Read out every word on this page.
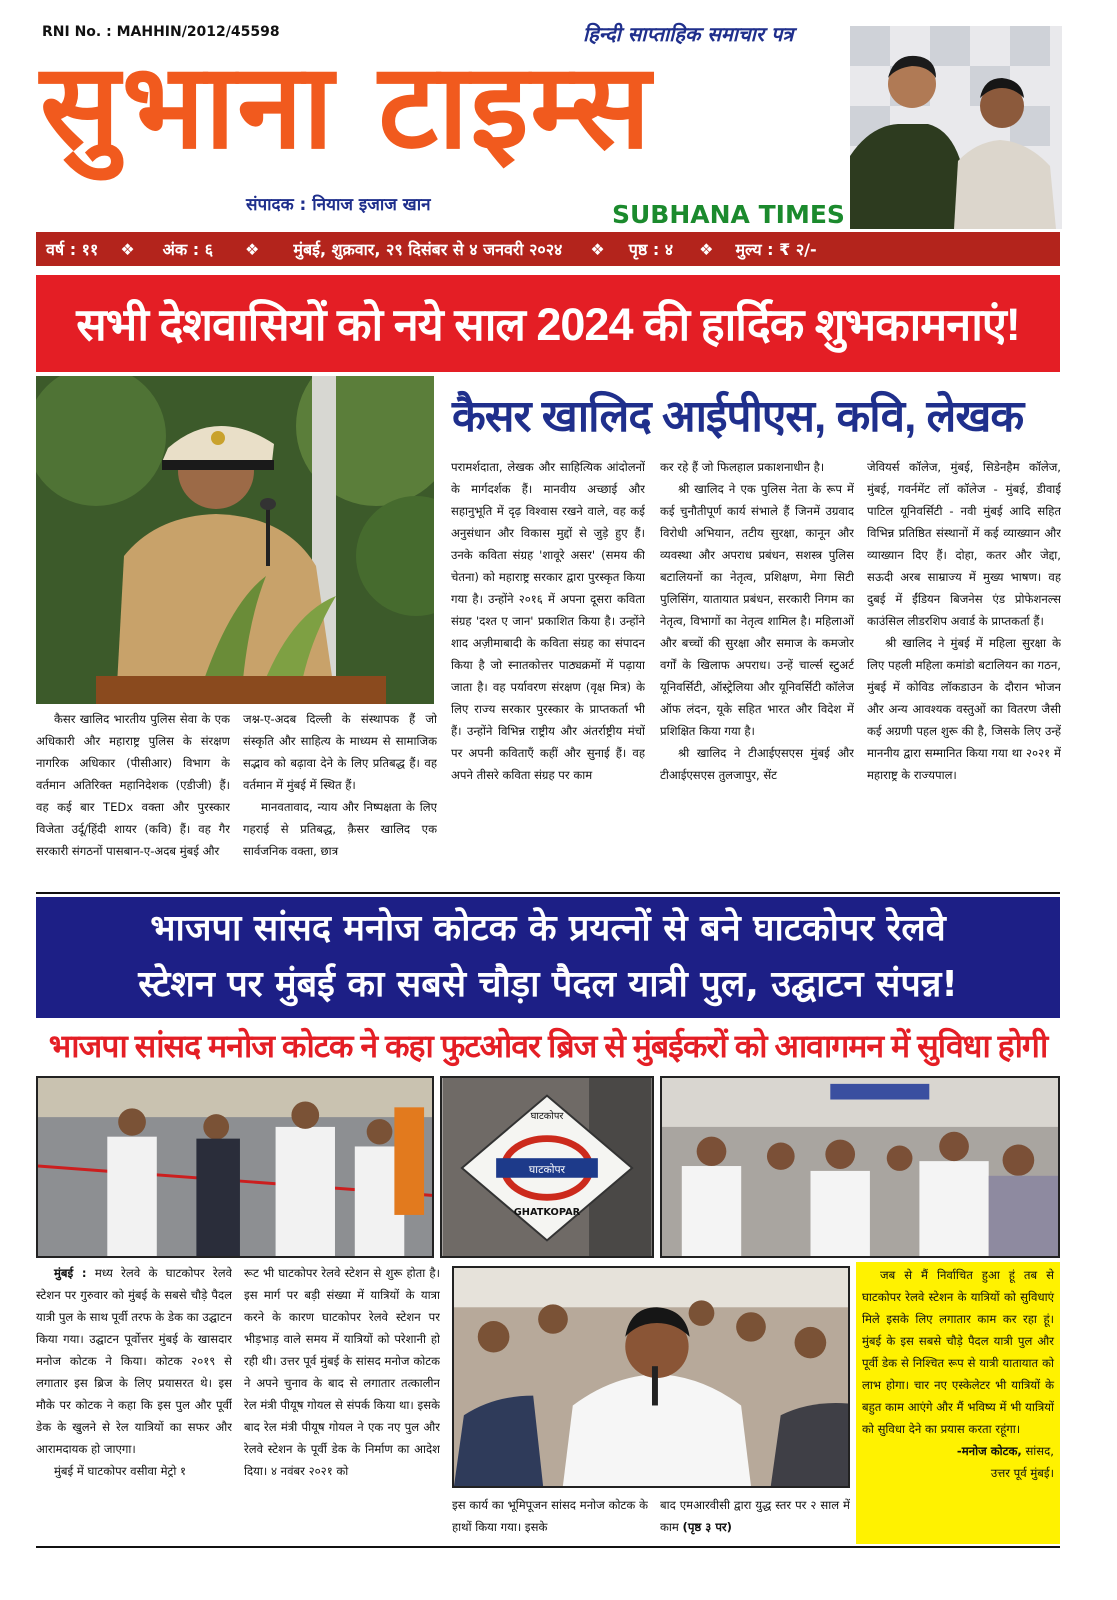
RNI No. : MAHHIN/2012/45598	हिन्दी साप्ताहिक समाचार पत्र
सुभाना टाइम्स
संपादक : नियाज इजाज खान	SUBHANA TIMES
वर्ष : ११ ❖ अंक : ६ ❖ मुंबई, शुक्रवार, २९ दिसंबर से ४ जनवरी २०२४ ❖ पृष्ठ : ४ ❖ मुल्य : ₹ २/-
सभी देशवासियों को नये साल 2024 की हार्दिक शुभकामनाएं!
कैसर खालिद आईपीएस, कवि, लेखक

कैसर खालिद भारतीय पुलिस सेवा के एक अधिकारी और महाराष्ट्र पुलिस के संरक्षण नागरिक अधिकार (पीसीआर) विभाग के वर्तमान अतिरिक्त महानिदेशक (एडीजी) हैं। वह कई बार TEDx वक्ता और पुरस्कार विजेता उर्दू/हिंदी शायर (कवि) हैं। वह गैर सरकारी संगठनों पासबान-ए-अदब मुंबई और

जश्न-ए-अदब दिल्ली के संस्थापक हैं जो संस्कृति और साहित्य के माध्यम से सामाजिक सद्भाव को बढ़ावा देने के लिए प्रतिबद्ध हैं। वह वर्तमान में मुंबई में स्थित हैं।

मानवतावाद, न्याय और निष्पक्षता के लिए गहराई से प्रतिबद्ध, क़ैसर खालिद एक सार्वजनिक वक्ता, छात्र

परामर्शदाता, लेखक और साहित्यिक आंदोलनों के मार्गदर्शक हैं। मानवीय अच्छाई और सहानुभूति में दृढ़ विश्वास रखने वाले, वह कई अनुसंधान और विकास मुद्दों से जुड़े हुए हैं। उनके कविता संग्रह 'शावूरे असर' (समय की चेतना) को महाराष्ट्र सरकार द्वारा पुरस्कृत किया गया है। उन्होंने २०१६ में अपना दूसरा कविता संग्रह 'दश्त ए जान' प्रकाशित किया है। उन्होंने शाद अज़ीमाबादी के कविता संग्रह का संपादन किया है जो स्नातकोत्तर पाठ्यक्रमों में पढ़ाया जाता है। वह पर्यावरण संरक्षण (वृक्ष मित्र) के लिए राज्य सरकार पुरस्कार के प्राप्तकर्ता भी हैं। उन्होंने विभिन्न राष्ट्रीय और अंतर्राष्ट्रीय मंचों पर अपनी कविताएँ कहीं और सुनाई हैं। वह अपने तीसरे कविता संग्रह पर काम

कर रहे हैं जो फिलहाल प्रकाशनाधीन है।

श्री खालिद ने एक पुलिस नेता के रूप में कई चुनौतीपूर्ण कार्य संभाले हैं जिनमें उग्रवाद विरोधी अभियान, तटीय सुरक्षा, कानून और व्यवस्था और अपराध प्रबंधन, सशस्त्र पुलिस बटालियनों का नेतृत्व, प्रशिक्षण, मेगा सिटी पुलिसिंग, यातायात प्रबंधन, सरकारी निगम का नेतृत्व, विभागों का नेतृत्व शामिल है। महिलाओं और बच्चों की सुरक्षा और समाज के कमजोर वर्गों के खिलाफ अपराध। उन्हें चार्ल्स स्टुअर्ट यूनिवर्सिटी, ऑस्ट्रेलिया और यूनिवर्सिटी कॉलेज ऑफ लंदन, यूके सहित भारत और विदेश में प्रशिक्षित किया गया है।

श्री खालिद ने टीआईएसएस मुंबई और टीआईएसएस तुलजापुर, सेंट

जेवियर्स कॉलेज, मुंबई, सिडेनहैम कॉलेज, मुंबई, गवर्नमेंट लॉ कॉलेज - मुंबई, डीवाई पाटिल यूनिवर्सिटी - नवी मुंबई आदि सहित विभिन्न प्रतिष्ठित संस्थानों में कई व्याख्यान और व्याख्यान दिए हैं। दोहा, कतर और जेद्दा, सऊदी अरब साम्राज्य में मुख्य भाषण। वह दुबई में ईंडियन बिजनेस एंड प्रोफेशनल्स काउंसिल लीडरशिप अवार्ड के प्राप्तकर्ता हैं।

श्री खालिद ने मुंबई में महिला सुरक्षा के लिए पहली महिला कमांडो बटालियन का गठन, मुंबई में कोविड लॉकडाउन के दौरान भोजन और अन्य आवश्यक वस्तुओं का वितरण जैसी कई अग्रणी पहल शुरू की है, जिसके लिए उन्हें माननीय द्वारा सम्मानित किया गया था २०२१ में महाराष्ट्र के राज्यपाल।

भाजपा सांसद मनोज कोटक के प्रयत्नों से बने घाटकोपर रेलवे
स्टेशन पर मुंबई का सबसे चौड़ा पैदल यात्री पुल, उद्घाटन संपन्न!
भाजपा सांसद मनोज कोटक ने कहा फुटओवर ब्रिज से मुंबईकरों को आवागमन में सुविधा होगी
घाटकोपर
घाटकोपर
GHATKOPAR

मुंबई : मध्य रेलवे के घाटकोपर रेलवे स्टेशन पर गुरुवार को मुंबई के सबसे चौड़े पैदल यात्री पुल के साथ पूर्वी तरफ के डेक का उद्घाटन किया गया। उद्घाटन पूर्वोत्तर मुंबई के खासदार मनोज कोटक ने किया। कोटक २०१९ से लगातार इस ब्रिज के लिए प्रयासरत थे। इस मौके पर कोटक ने कहा कि इस पुल और पूर्वी डेक के खुलने से रेल यात्रियों का सफर और आरामदायक हो जाएगा।

मुंबई में घाटकोपर वसीवा मेट्रो १

रूट भी घाटकोपर रेलवे स्टेशन से शुरू होता है। इस मार्ग पर बड़ी संख्या में यात्रियों के यात्रा करने के कारण घाटकोपर रेलवे स्टेशन पर भीड़भाड़ वाले समय में यात्रियों को परेशानी हो रही थी। उत्तर पूर्व मुंबई के सांसद मनोज कोटक ने अपने चुनाव के बाद से लगातार तत्कालीन रेल मंत्री पीयूष गोयल से संपर्क किया था। इसके बाद रेल मंत्री पीयूष गोयल ने एक नए पुल और रेलवे स्टेशन के पूर्वी डेक के निर्माण का आदेश दिया। ४ नवंबर २०२१ को

इस कार्य का भूमिपूजन सांसद मनोज कोटक के हाथों किया गया। इसके

बाद एमआरवीसी द्वारा युद्ध स्तर पर २ साल में काम (पृष्ठ ३ पर)

जब से मैं निर्वाचित हुआ हूं तब से घाटकोपर रेलवे स्टेशन के यात्रियों को सुविधाएं मिले इसके लिए लगातार काम कर रहा हूं। मुंबई के इस सबसे चौड़े पैदल यात्री पुल और पूर्वी डेक से निश्चित रूप से यात्री यातायात को लाभ होगा। चार नए एस्केलेटर भी यात्रियों के बहुत काम आएंगे और मैं भविष्य में भी यात्रियों को सुविधा देने का प्रयास करता रहूंगा।

-मनोज कोटक, सांसद,

उत्तर पूर्व मुंबई।
